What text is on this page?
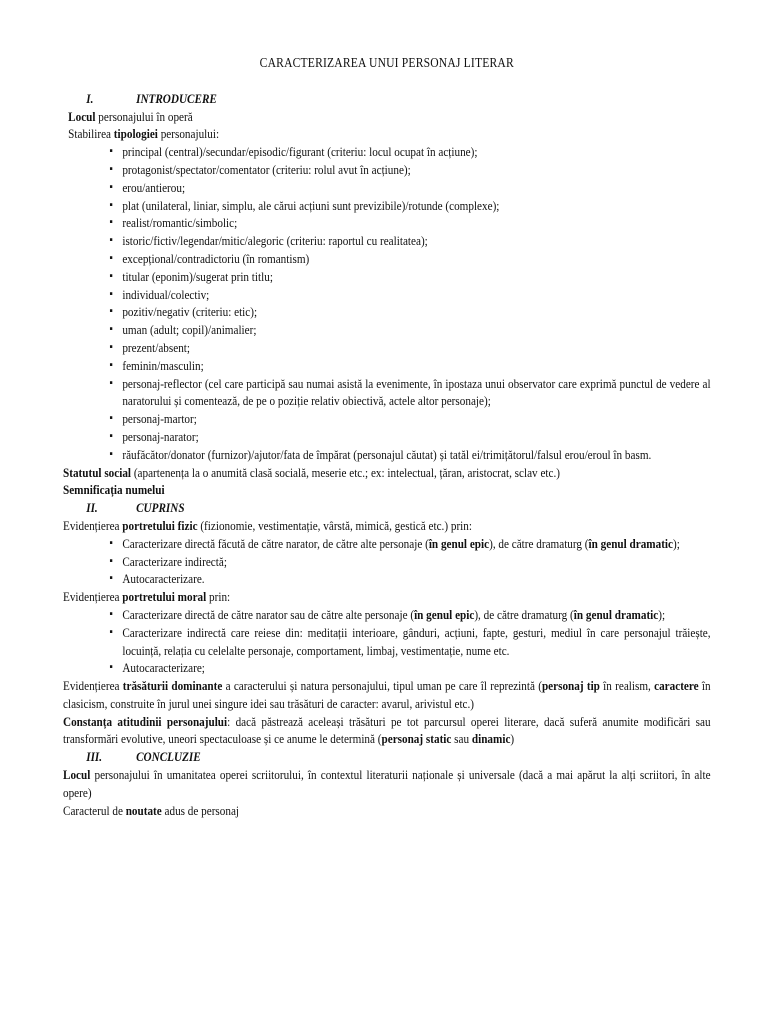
CARACTERIZAREA UNUI PERSONAJ LITERAR
I.	INTRODUCERE

Locul personajului în operă

Stabilirea tipologiei personajului:

▪ principal (central)/secundar/episodic/figurant (criteriu: locul ocupat în acțiune);
▪ protagonist/spectator/comentator (criteriu: rolul avut în acțiune);
▪ erou/antierou;
▪ plat (unilateral, liniar, simplu, ale cărui acțiuni sunt previzibile)/rotunde (complexe);
▪ realist/romantic/simbolic;
▪ istoric/fictiv/legendar/mitic/alegoric (criteriu: raportul cu realitatea);
▪ excepțional/contradictoriu (în romantism)
▪ titular (eponim)/sugerat prin titlu;
▪ individual/colectiv;
▪ pozitiv/negativ (criteriu: etic);
▪ uman (adult; copil)/animalier;
▪ prezent/absent;
▪ feminin/masculin;
▪ personaj-reflector (cel care participă sau numai asistă la evenimente, în ipostaza unui observator care exprimă punctul de vedere al naratorului și comentează, de pe o poziție relativ obiectivă, actele altor personaje);
▪ personaj-martor;
▪ personaj-narator;
▪ răufăcător/donator (furnizor)/ajutor/fata de împărat (personajul căutat) și tatăl ei/trimițătorul/falsul erou/eroul în basm.

Statutul social (apartenența la o anumită clasă socială, meserie etc.; ex: intelectual, țăran, aristocrat, sclav etc.)

Semnificația numelui

II.	CUPRINS

Evidențierea portretului fizic (fizionomie, vestimentație, vârstă, mimică, gestică etc.) prin:

▪ Caracterizare directă făcută de către narator, de către alte personaje (în genul epic), de către dramaturg (în genul dramatic);
▪ Caracterizare indirectă;
▪ Autocaracterizare.

Evidențierea portretului moral prin:

▪ Caracterizare directă de către narator sau de către alte personaje (în genul epic), de către dramaturg (în genul dramatic);
▪ Caracterizare indirectă care reiese din: meditații interioare, gânduri, acțiuni, fapte, gesturi, mediul în care personajul trăiește, locuință, relația cu celelalte personaje, comportament, limbaj, vestimentație, nume etc.
▪ Autocaracterizare;

Evidențierea trăsăturii dominante a caracterului și natura personajului, tipul uman pe care îl reprezintă (personaj tip în realism, caractere în clasicism, construite în jurul unei singure idei sau trăsături de caracter: avarul, arivistul etc.)

Constanța atitudinii personajului: dacă păstrează aceleași trăsături pe tot parcursul operei literare, dacă suferă anumite modificări sau transformări evolutive, uneori spectaculoase și ce anume le determină (personaj static sau dinamic)

III.	CONCLUZIE

Locul personajului în umanitatea operei scriitorului, în contextul literaturii naționale și universale (dacă a mai apărut la alți scriitori, în alte opere)

Caracterul de noutate adus de personaj
